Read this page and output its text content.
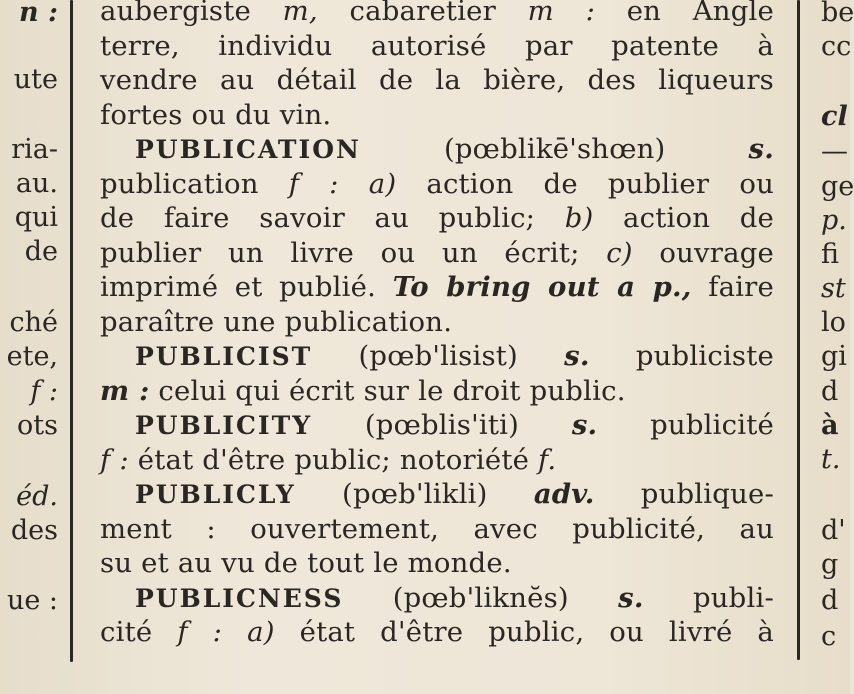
n :
ute
ria-
au.
qui
de
ché
ete,
f :
ots
éd.
des
ue :
aubergiste m, cabaretier m : en Angle
terre, individu autorisé par patente à
vendre au détail de la bière, des liqueurs
fortes ou du vin.
PUBLICATION	(pœblikē'shœn)	s.
publication f : a) action de publier ou
de faire savoir au public; b) action de
publier un livre ou un écrit; c) ouvrage
imprimé et publié. To bring out a p., faire
paraître une publication.
PUBLICIST (pœb'lisist) s. publiciste
m : celui qui écrit sur le droit public.
PUBLICITY (pœblis'iti) s. publicité
f : état d'être public; notoriété f.
PUBLICLY (pœb'likli) adv. publique-
ment : ouvertement, avec publicité, au
su et au vu de tout le monde.
PUBLICNESS (pœb'liknĕs) s. publi-
cité f : a) état d'être public, ou livré à
be
cc
cl
—
ge
p.
fi
st
lo
gi
d
à
t.
d'
g
d
c
